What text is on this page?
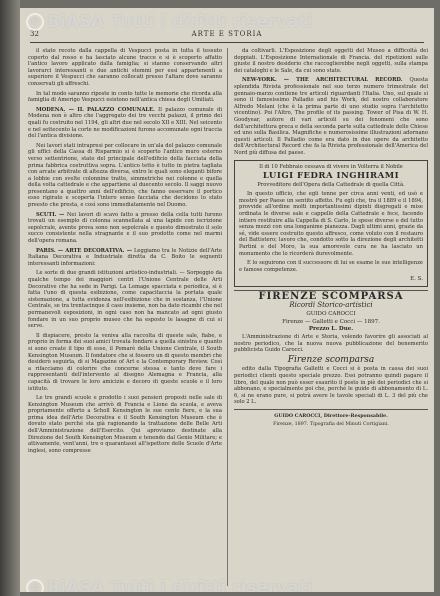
© BiASA Tutti i diritti riservati
32	ARTE E STORIA

il stato recoto dalla cappella di Vespucci posta in tutta il tessuto coperto dal rosso e ha lasciato alcune tracce e si è scoperto affatto l'antico lavoro applicato dalla famiglia; si stanno conservando altri lavorarci interessanti e due antichi stemmi per essi appartenenti a superiore il Vespucci che saranno collocati presso l'altare dove saranno conservati gli affreschi.

In tal modo saranno riposte in conto tutte le memorie che ricorda alla famiglia di Amerigo Vespucci esistono nell'antica chiesa degli Umiliati.

MODENA. — IL PALAZZO COMUNALE. Il palazzo comunale di Modena non è altro che l'aggregato dei tre vecchi palazzi, il primo dei quali fu costruito nel 1194, gli altri due nel secolo XII e XIII. Nel seicento e nel settecento la corte ne modificazioni furono accomunate ogni traccia del l'antica divisione.

Nei lavori stati intrapresi per collocare in un'ala del palazzo comunale gli uffici della Cassa di Risparmio si è scoperto l'antico muro esterno verso settentrione, stato del principale dell'edificio della facciata della prima fabbrica costruttiva sopra. L'antico tetto è tutto in pietra tagliata con arcate arbitrate di altezza diversa, entro le quali sono eleganti bifore a lobbie con svelte colonnine tratte, simmetriche nei colonne e quella della volta cattedrale e che appartiene al duecento secolo. Il saggi nuovo presentano a quattro anni dell'edificio, che fanno osservare il portico esso rigirato e scoperta l'intero senso facciata che decidono lo stato preesto che presta, e così sono immediatamente nel Duomo.

SCUTI. — Nei lavori di scavo fatto a presso della cella tutti furono trovati un esemplo di colonna scannellata al una lapide con iscrizione sepolcrale, avente prova sono non sepolcrale e questo dimostrato il solo succo consistente nella stragnante e il suo prodotto come nel marmi dell'opera romana.

PARIS. — ARTE DECORATIVA. — Leggiamo tra le Notizie dell'Arte Italiana Decorativa e Industriale diretta da C. Boito le seguenti interessanti informazioni:

Le sorte di due grandi istituzioni artistico-industriali. — Sorpeggio da qualche tempo dei maggiori centri l'Unione Centrale delle Arti Decorative che ha sede in Parigi. La Lemage spacciata e periodica, si è fatta l'uno di questa esibizione, come capacitaccia la portata quale sistemazione, a tutta evidenza nell'esibizione che in sostanza, l'Unione Centrale, se tra trentacinque il caso insieme, non ha dato ricambi che nel permanevoli esposizioni, in ogni caso non ha mancato ad ogni giusto fondare in un suo proprio museo che ha esposto le lasagne di cui si serve.

Il dispiacere, presto la veniva alla raccolta di queste sale, fiabe, e proprio in forma dei suoi amici trovata fondare a quella sinistra e quanto si sono create il tipo di esse, il Pomarè della Unione Centrale, il South Kensington Museum. Il fondatore che si fossero un di questo membri che desiderò seguirla, di si Magazine of Art e la Contemporary Review. Così a rifacciamo di colorire che concerne stessa e tanto deve fare i rappresentanti dell'intervento al disegno Alemagna e Francia, alla capacità di trovare le loro amicizie e decoro di queste scuole e il loro istituto.

Le tre grandi scuole e prodotto i suoi pensieri proposti nelle sale di Kensington Museum che arrivò di Francia e Lione da scuola, e aveva propriamente offerto a Scholl Kensington le sue cento fiere, e la sua prima idea dell'Arte Decorativa e il South Kensington Museum che è dovuto stato perché sta già ragionando la trattazione delle Belle Arti dell'Amministrazione dell'Esercito. Qui aproviamo destinate alla Direzione del South Kensington Museum e tenendo dal Genio Militare; e attivamente, vent'anni, tre o quarantasei all'ispettore delle Scuole d'Arte inglesi, sono compresse

da coltivarli. L'Esposizione degli oggetti del Museo a difficoltà dei doppiati. L'Esposizione Internationale di Francia. del ripetizioni sulle giuste il nostro desiderio che raccoglierebbe negli oggetti, sulla stampa dei cataloghi e le Sale, da cui sono state.

NEW-YORK. — THE ARCHITECTURAL RECORD. Questa splendida Rivista professionale nel suo terzo numero trimestrale del gennaio-marzo contiene tre articoli riguardanti l'Italia. Uno, sul quale si sono il famosissimo Palladio and his Work, del nostro collaboratore Alfredo Melani (che è la prima parte di uno studio sopra l'architetto vicentino). Poi l'Altro, The profile of its passing. Tower of Pisa di W. H. Goodyear, autore di vari articoli su dei fenomeni che sono dell'architettura greca e della seconda parte sulla cattedrale delle Chiese ed uno sulla Basilica. Magnifiche e numerosissime illustrazioni adornano questi articoli. Il Palladio come era dato in due opere da architetto dell'Architectural Record che fa la Rivista professionale dell'America del Nord più diffusa del paese.

Il di 10 Febbraio cessava di vivere in Volterra il Nobile

LUIGI FEDRA INGHIRAMI

Provveditore dell'Opera della Cattedrale di quella Città.

In questo ufficio, che egli tenne per circa anni venti, ed usò e mostrò per Paese un sentito affetto. Fu egli che, tra il 1889 e il 1894, provvide all'ordine molti importantissimi dipinti disgregati e mise ordinata le diverse sale e cappelle della Cattedrale e fece, facendo intiero restituire alla Cappella di S. Carlo, le spese diverse e del tutto senza mezzi con una longanime pianezza. Dagli ultimi anni, grazie da sé, vide essere costruito questo affresco, come voluto con il restauro del Battistero; lavoro che, condotto sotto la direzione degli architetti Partini e del Moro, la sua amorevole cura ne ha lasciato un monumento che lo ricorderà durevolmente.

E lo seguirono con il successore di lui se esame le sue intelligenze e famose competenze.

E. S.
FIRENZE SCOMPARSA
Ricordi Storico-artistici
GUIDO CAROCCI
Firenze — Galletti e Cocci — 1897.
Prezzo L. Due.

L'Amministrazione di Arte e Storia, volendo favorire gli associati al nostro periodico, che la nuova nuova pubblicazione del benemerito pubblicista Guido Carocci.

Firenze scomparsa

edito dalla Tipografia Galletti e Cocci si è posta in cassa dei suoi periodici clienti questo speciale prezzo. Essi potranno quindi pagare il libro, del quale non può esser esaurito il posto in piè dei periodici che si abbonano, e specialmente poi che, perché le guide di abbonamento di L. 6, si ne erano pure, si potrà avere le tavole speciali di L. 3 del più che solo 2 L.

GUIDO CAROCCI, Direttore-Responsabile.

Firenze, 1897. Tipografia del Minuti Cortigiani.

© BiASA Tutti i diritti riservati
